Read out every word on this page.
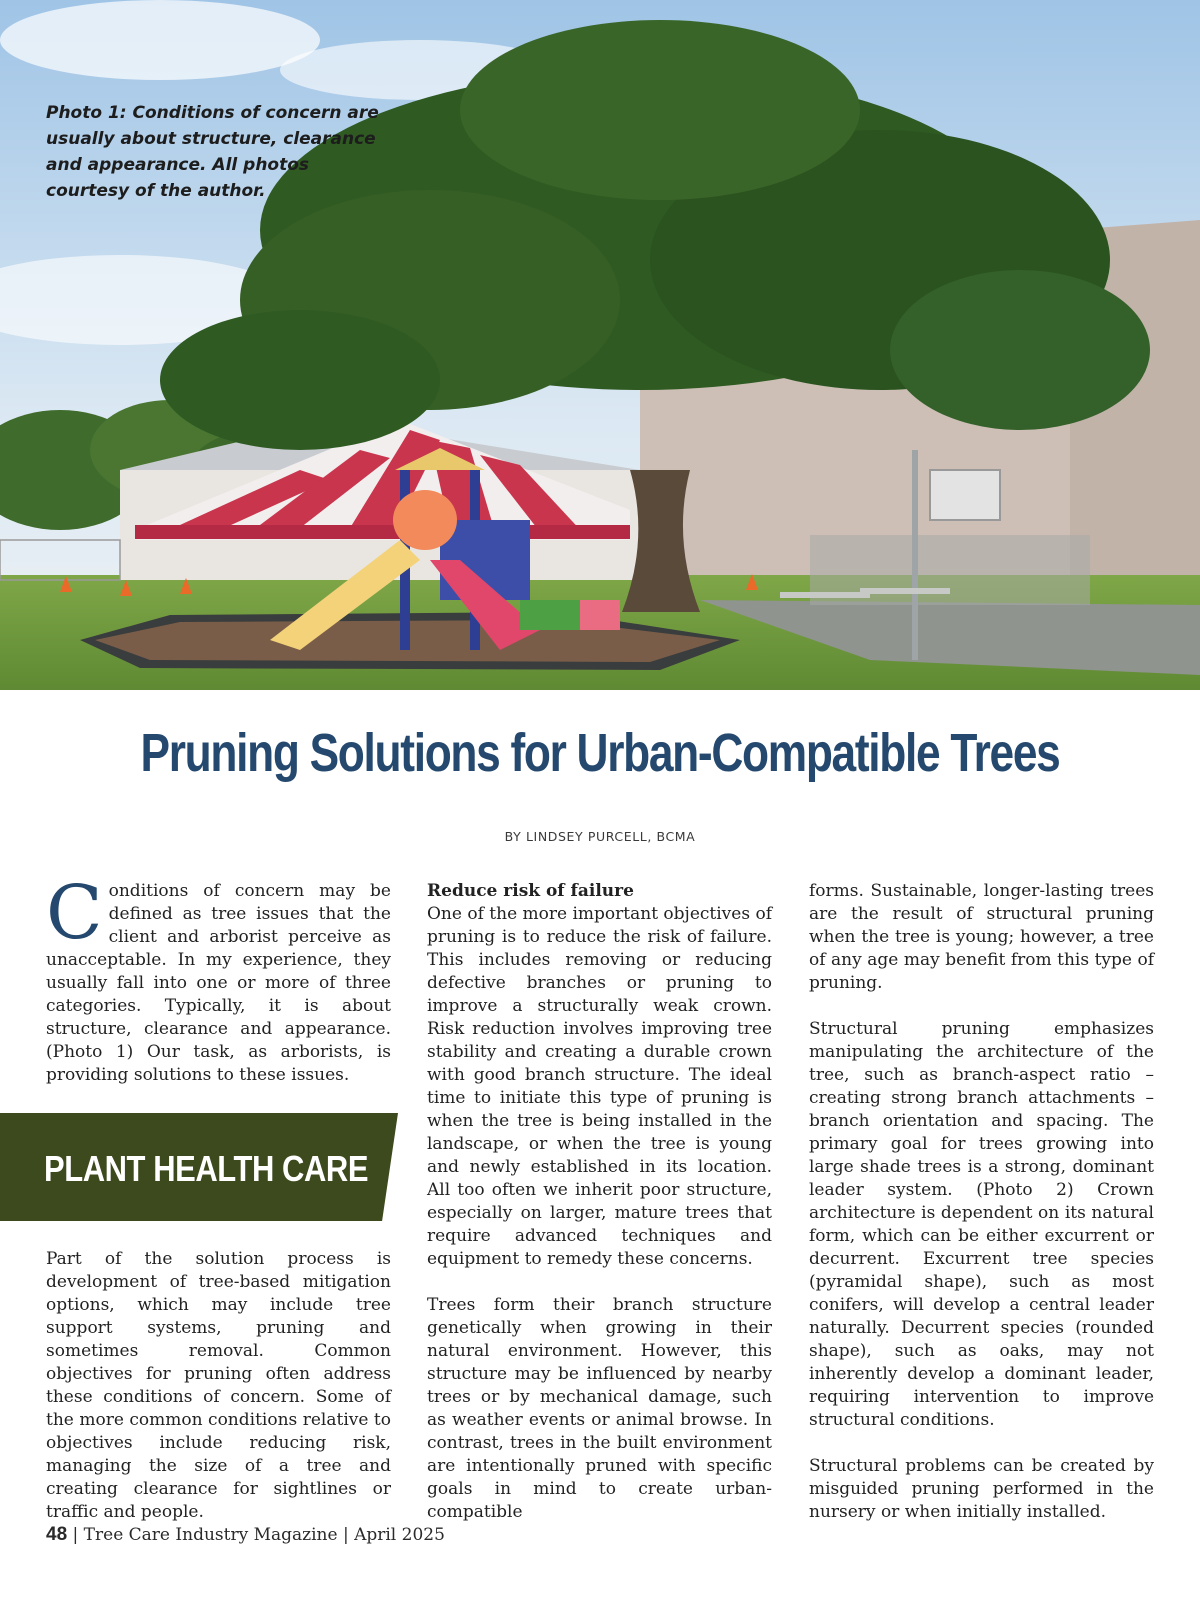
Photo 1: Conditions of concern are usually about structure, clearance and appearance. All photos courtesy of the author.
Pruning Solutions for Urban-Compatible Trees
BY LINDSEY PURCELL, BCMA

Conditions of concern may be defined as tree issues that the client and arborist perceive as unacceptable. In my experience, they usually fall into one or more of three categories. Typically, it is about structure, clearance and appearance. (Photo 1) Our task, as arborists, is providing solutions to these issues.

PLANT HEALTH CARE

Part of the solution process is development of tree-based mitigation options, which may include tree support systems, pruning and sometimes removal. Common objectives for pruning often address these conditions of concern. Some of the more common conditions relative to objectives include reducing risk, managing the size of a tree and creating clearance for sightlines or traffic and people.

Reduce risk of failure
One of the more important objectives of pruning is to reduce the risk of failure. This includes removing or reducing defective branches or pruning to improve a structurally weak crown. Risk reduction involves improving tree stability and creating a durable crown with good branch structure. The ideal time to initiate this type of pruning is when the tree is being installed in the landscape, or when the tree is young and newly established in its location. All too often we inherit poor structure, especially on larger, mature trees that require advanced techniques and equipment to remedy these concerns.

Trees form their branch structure genetically when growing in their natural environment. However, this structure may be influenced by nearby trees or by mechanical damage, such as weather events or animal browse. In contrast, trees in the built environment are intentionally pruned with specific goals in mind to create urban-compatible

forms. Sustainable, longer-lasting trees are the result of structural pruning when the tree is young; however, a tree of any age may benefit from this type of pruning.

Structural pruning emphasizes manipulating the architecture of the tree, such as branch-aspect ratio – creating strong branch attachments – branch orientation and spacing. The primary goal for trees growing into large shade trees is a strong, dominant leader system. (Photo 2) Crown architecture is dependent on its natural form, which can be either excurrent or decurrent. Excurrent tree species (pyramidal shape), such as most conifers, will develop a central leader naturally. Decurrent species (rounded shape), such as oaks, may not inherently develop a dominant leader, requiring intervention to improve structural conditions.

Structural problems can be created by misguided pruning performed in the nursery or when initially installed.

48 | Tree Care Industry Magazine | April 2025
